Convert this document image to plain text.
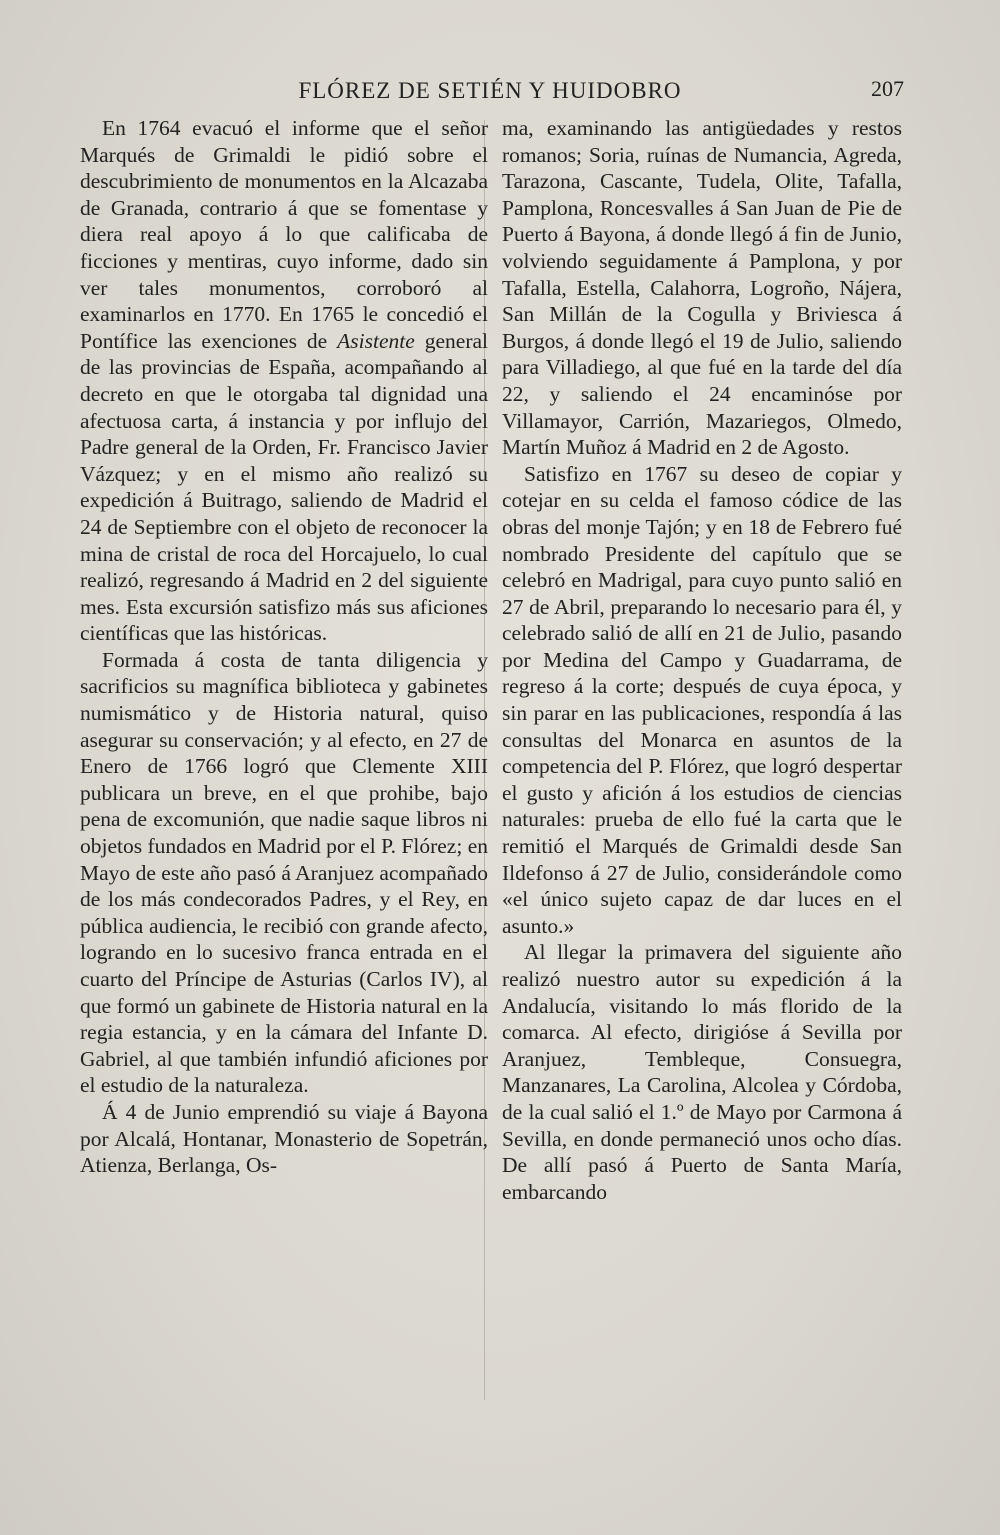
FLÓREZ DE SETIÉN Y HUIDOBRO	207

En 1764 evacuó el informe que el señor Marqués de Grimaldi le pidió sobre el descubrimiento de monumentos en la Alcazaba de Granada, contrario á que se fomentase y diera real apoyo á lo que calificaba de ficciones y mentiras, cuyo informe, dado sin ver tales monumentos, corroboró al examinarlos en 1770. En 1765 le concedió el Pontífice las exenciones de Asistente general de las provincias de España, acompañando al decreto en que le otorgaba tal dignidad una afectuosa carta, á instancia y por influjo del Padre general de la Orden, Fr. Francisco Javier Vázquez; y en el mismo año realizó su expedición á Buitrago, saliendo de Madrid el 24 de Septiembre con el objeto de reconocer la mina de cristal de roca del Horcajuelo, lo cual realizó, regresando á Madrid en 2 del siguiente mes. Esta excursión satisfizo más sus aficiones científicas que las históricas.

Formada á costa de tanta diligencia y sacrificios su magnífica biblioteca y gabinetes numismático y de Historia natural, quiso asegurar su conservación; y al efecto, en 27 de Enero de 1766 logró que Clemente XIII publicara un breve, en el que prohibe, bajo pena de excomunión, que nadie saque libros ni objetos fundados en Madrid por el P. Flórez; en Mayo de este año pasó á Aranjuez acompañado de los más condecorados Padres, y el Rey, en pública audiencia, le recibió con grande afecto, logrando en lo sucesivo franca entrada en el cuarto del Príncipe de Asturias (Carlos IV), al que formó un gabinete de Historia natural en la regia estancia, y en la cámara del Infante D. Gabriel, al que también infundió aficiones por el estudio de la naturaleza.

Á 4 de Junio emprendió su viaje á Bayona por Alcalá, Hontanar, Monasterio de Sopetrán, Atienza, Berlanga, Os-

ma, examinando las antigüedades y restos romanos; Soria, ruínas de Numancia, Agreda, Tarazona, Cascante, Tudela, Olite, Tafalla, Pamplona, Roncesvalles á San Juan de Pie de Puerto á Bayona, á donde llegó á fin de Junio, volviendo seguidamente á Pamplona, y por Tafalla, Estella, Calahorra, Logroño, Nájera, San Millán de la Cogulla y Briviesca á Burgos, á donde llegó el 19 de Julio, saliendo para Villadiego, al que fué en la tarde del día 22, y saliendo el 24 encaminóse por Villamayor, Carrión, Mazariegos, Olmedo, Martín Muñoz á Madrid en 2 de Agosto.

Satisfizo en 1767 su deseo de copiar y cotejar en su celda el famoso códice de las obras del monje Tajón; y en 18 de Febrero fué nombrado Presidente del capítulo que se celebró en Madrigal, para cuyo punto salió en 27 de Abril, preparando lo necesario para él, y celebrado salió de allí en 21 de Julio, pasando por Medina del Campo y Guadarrama, de regreso á la corte; después de cuya época, y sin parar en las publicaciones, respondía á las consultas del Monarca en asuntos de la competencia del P. Flórez, que logró despertar el gusto y afición á los estudios de ciencias naturales: prueba de ello fué la carta que le remitió el Marqués de Grimaldi desde San Ildefonso á 27 de Julio, considerándole como «el único sujeto capaz de dar luces en el asunto.»

Al llegar la primavera del siguiente año realizó nuestro autor su expedición á la Andalucía, visitando lo más florido de la comarca. Al efecto, dirigióse á Sevilla por Aranjuez, Tembleque, Consuegra, Manzanares, La Carolina, Alcolea y Córdoba, de la cual salió el 1.º de Mayo por Carmona á Sevilla, en donde permaneció unos ocho días. De allí pasó á Puerto de Santa María, embarcando
